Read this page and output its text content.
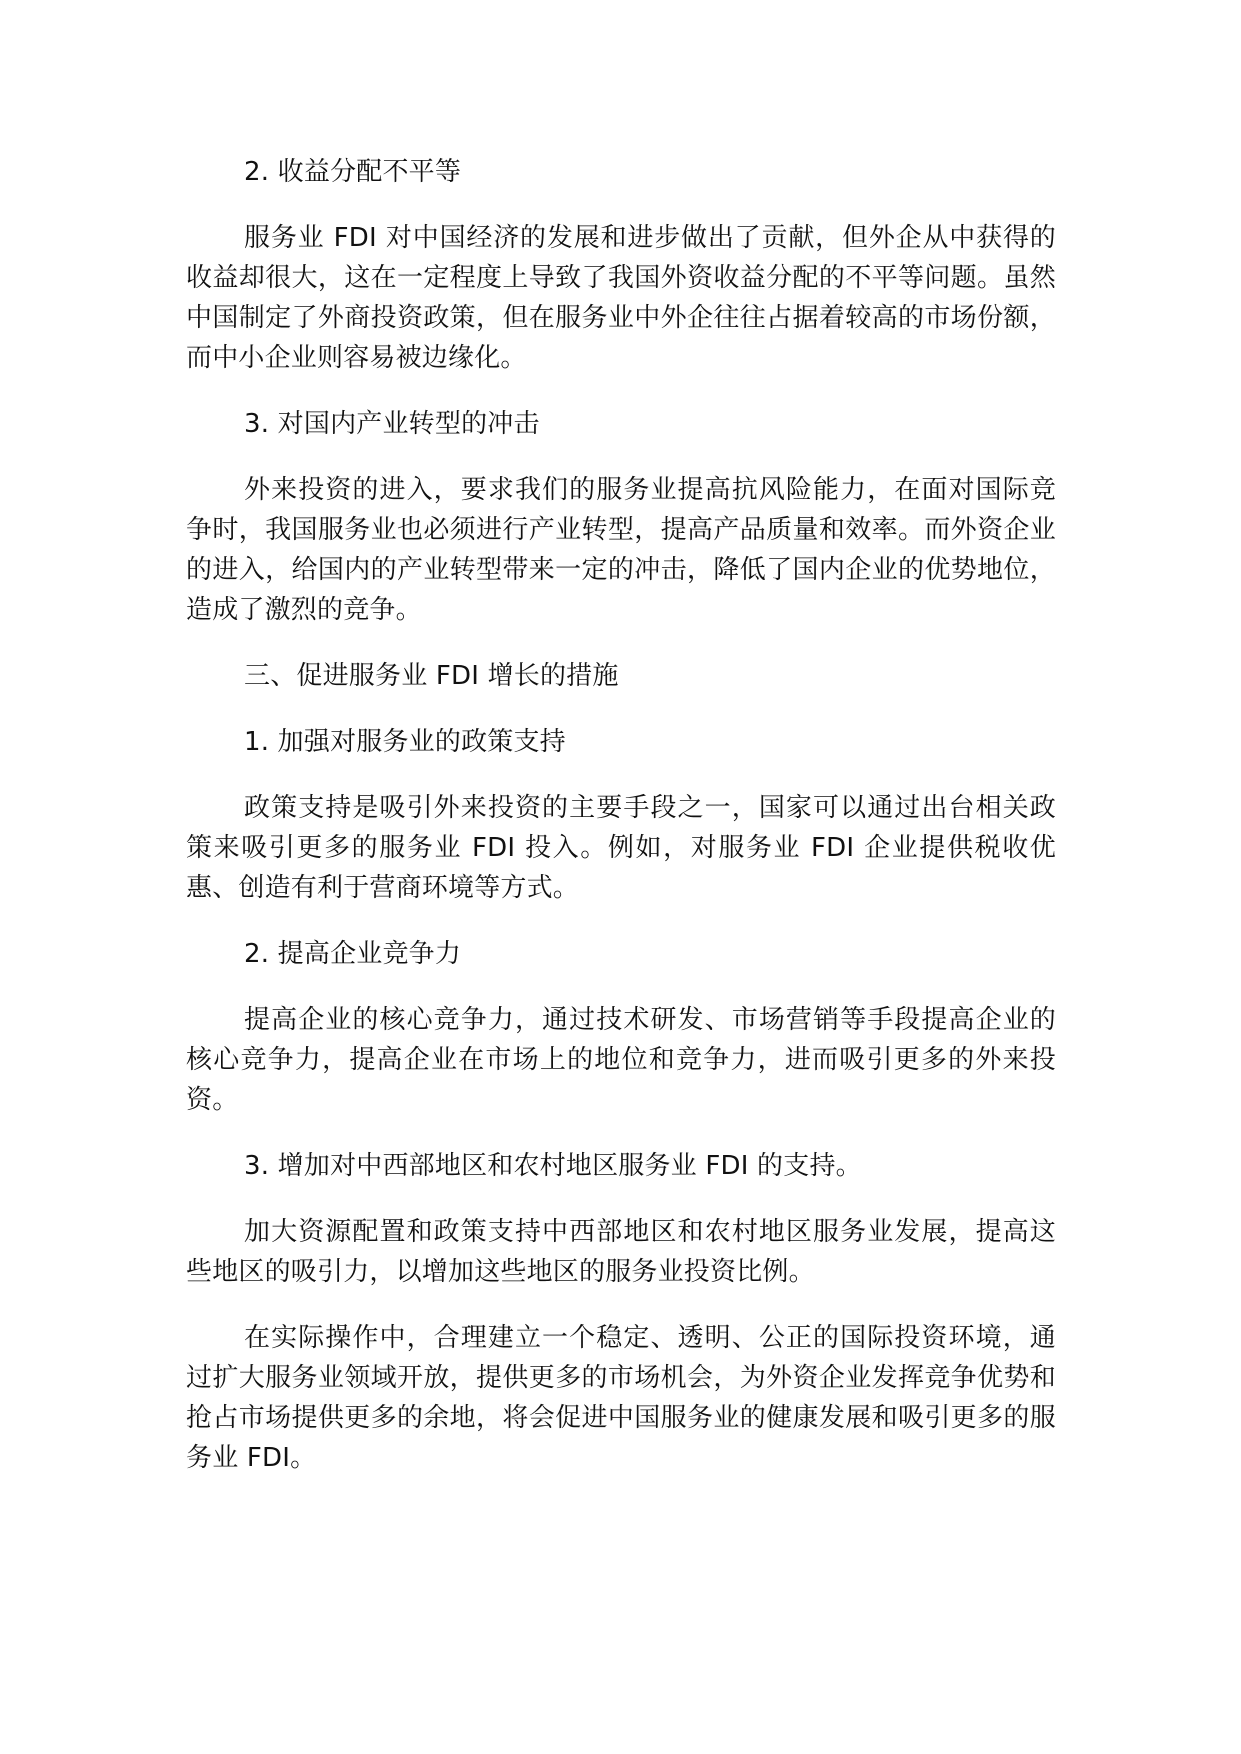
2. 收益分配不平等

服务业 FDI 对中国经济的发展和进步做出了贡献，但外企从中获得的收益却很大，这在一定程度上导致了我国外资收益分配的不平等问题。虽然中国制定了外商投资政策，但在服务业中外企往往占据着较高的市场份额，而中小企业则容易被边缘化。

3. 对国内产业转型的冲击

外来投资的进入，要求我们的服务业提高抗风险能力，在面对国际竞争时，我国服务业也必须进行产业转型，提高产品质量和效率。而外资企业的进入，给国内的产业转型带来一定的冲击，降低了国内企业的优势地位，造成了激烈的竞争。

三、促进服务业 FDI 增长的措施

1. 加强对服务业的政策支持

政策支持是吸引外来投资的主要手段之一，国家可以通过出台相关政策来吸引更多的服务业 FDI 投入。例如，对服务业 FDI 企业提供税收优惠、创造有利于营商环境等方式。

2. 提高企业竞争力

提高企业的核心竞争力，通过技术研发、市场营销等手段提高企业的核心竞争力，提高企业在市场上的地位和竞争力，进而吸引更多的外来投资。

3. 增加对中西部地区和农村地区服务业 FDI 的支持。

加大资源配置和政策支持中西部地区和农村地区服务业发展，提高这些地区的吸引力，以增加这些地区的服务业投资比例。

在实际操作中，合理建立一个稳定、透明、公正的国际投资环境，通过扩大服务业领域开放，提供更多的市场机会，为外资企业发挥竞争优势和抢占市场提供更多的余地，将会促进中国服务业的健康发展和吸引更多的服务业 FDI。
